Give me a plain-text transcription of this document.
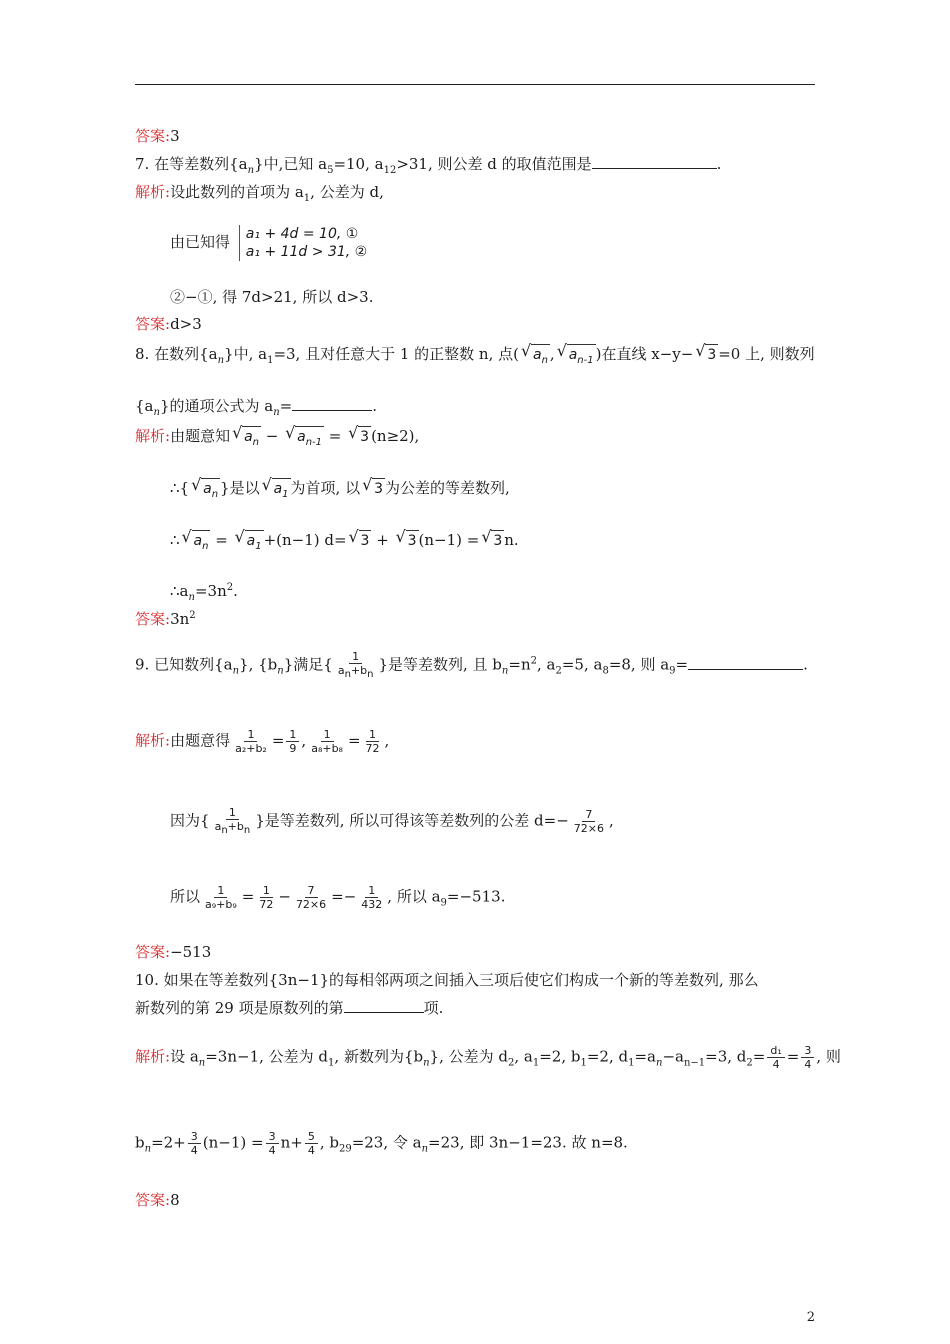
答案:3
7. 在等差数列$\{a_n\}$中,已知 $a_5=10$, $a_{12}>31$, 则公差 d 的取值范围是	.
解析:设此数列的首项为 $a_1$, 公差为 d,
由已知得 a₁ + 4d = 10, ①
a₁ + 11d > 31, ②
②−①, 得 7d>21, 所以 d>3.
答案:d>3
8. 在数列$\{a_n\}$中, $a_1=3$, 且对任意大于 1 的正整数 n, 点( √ $a_n$ , √ $a_{n-1}$ )在直线 x−y− √ 3 =0 上, 则数列
$\{a_n\}$的通项公式为 $a_n=$	.
解析:由题意知 √ $a_n$ − √ $a_{n-1}$ = √ 3 (n≥2),
∴{ √ $a_n$ }是以 √ $a_1$ 为首项, 以 √ 3 为公差的等差数列,
∴ √ $a_n$ = √ $a_1 +(n-1)$ d= √ 3 + √ 3 (n−1) = √ 3 n.
$\therefore a_n=3n^2$.
答案$:3n^2$
9. 已知数列$\{a_n\}$, $\{b_n\}$满足{ $\frac{1}{a_n+b_n}$ }是等差数列, 且 $b_n=n^2$, $a_2=5$, $a_8=8$, 则 $a_9=$	.
解析:由题意得 $\frac{1}{\text{a₂+b₂}} = \frac{1}{9}$ , $\frac{1}{\text{a₈+b₈}} = \frac{1}{72}$ ,
因为{ $\frac{1}{a_n+b_n}$ }是等差数列, 所以可得该等差数列的公差 $d=- \frac{7}{72\times 6}$ ,
所以 $\frac{1}{\text{a₉+b₉}} = \frac{1}{72} - \frac{7}{72\times 6} =- \frac{1}{432}$ , 所以 $a_9=-513$.
答案:−513
10. 如果在等差数列{3n−1}的每相邻两项之间插入三项后使它们构成一个新的等差数列, 那么
新数列的第 29 项是原数列的第	项.
解析:设 $a_n=3n-1$, 公差为 $d_1$, 新数列为$\{b_n\}$, 公差为 $d_2$, $a_1=2$, $b_1=2$, $d_1=a_n-a_{n-1}=3$, $d_2= \frac{\text{d₁}}{4} = \frac{3}{4}$ , 则
$b_n=2+ \frac{3}{4} (n-1) = \frac{3}{4} n+ \frac{5}{4}$ , $b_{29}=23$, 令 $a_n=23$, 即 3n−1=23. 故 n=8.
答案:8
2
